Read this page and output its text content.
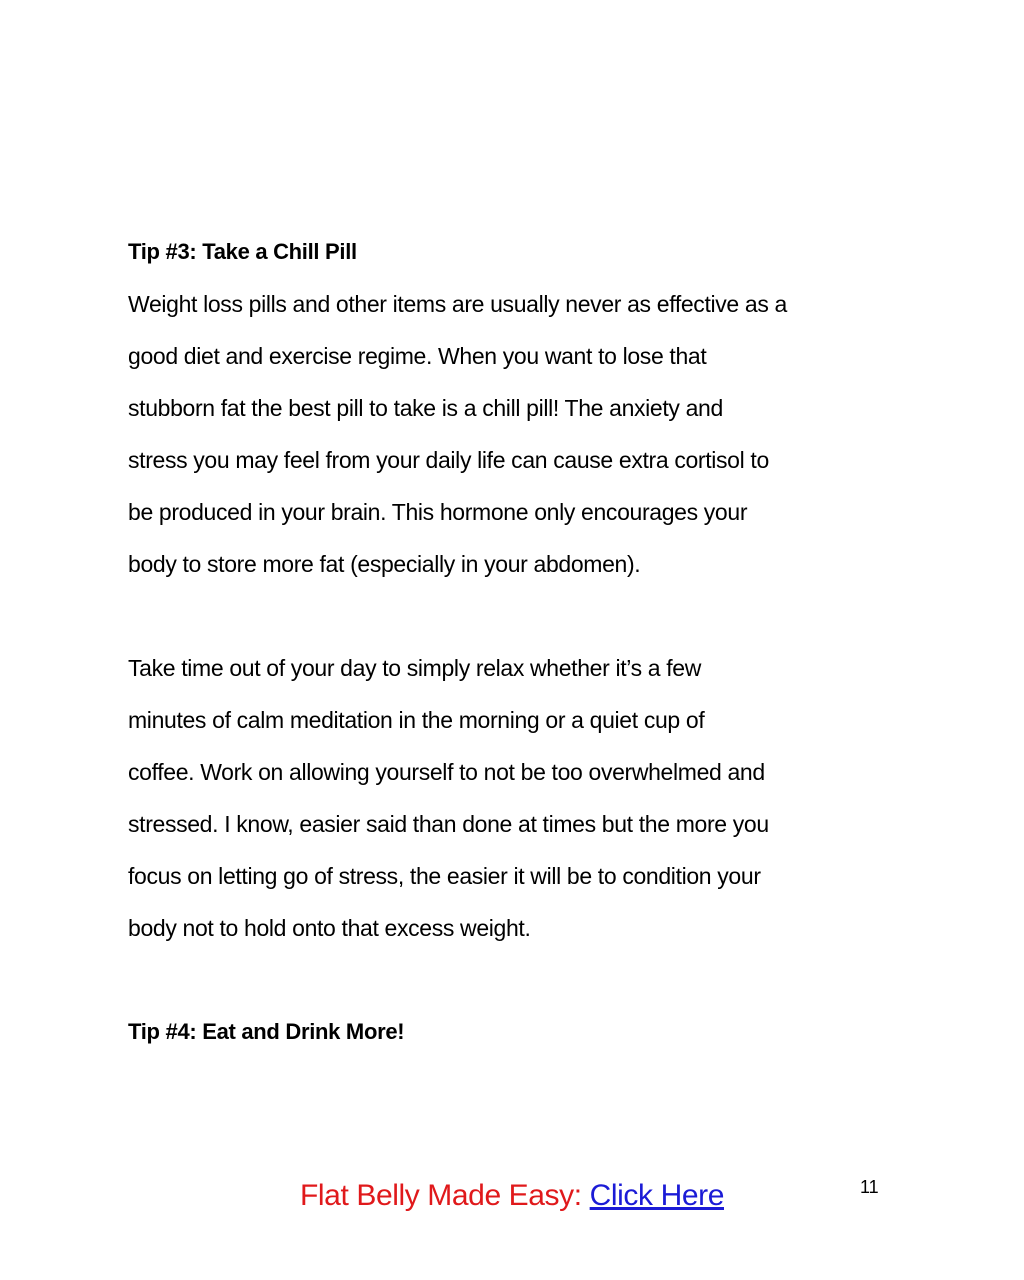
Tip #3: Take a Chill Pill

Weight loss pills and other items are usually never as effective as a
good diet and exercise regime. When you want to lose that
stubborn fat the best pill to take is a chill pill! The anxiety and
stress you may feel from your daily life can cause extra cortisol to
be produced in your brain. This hormone only encourages your
body to store more fat (especially in your abdomen).

Take time out of your day to simply relax whether it’s a few
minutes of calm meditation in the morning or a quiet cup of
coffee. Work on allowing yourself to not be too overwhelmed and
stressed. I know, easier said than done at times but the more you
focus on letting go of stress, the easier it will be to condition your
body not to hold onto that excess weight.

Tip #4: Eat and Drink More!
Flat Belly Made Easy: Click Here	11
